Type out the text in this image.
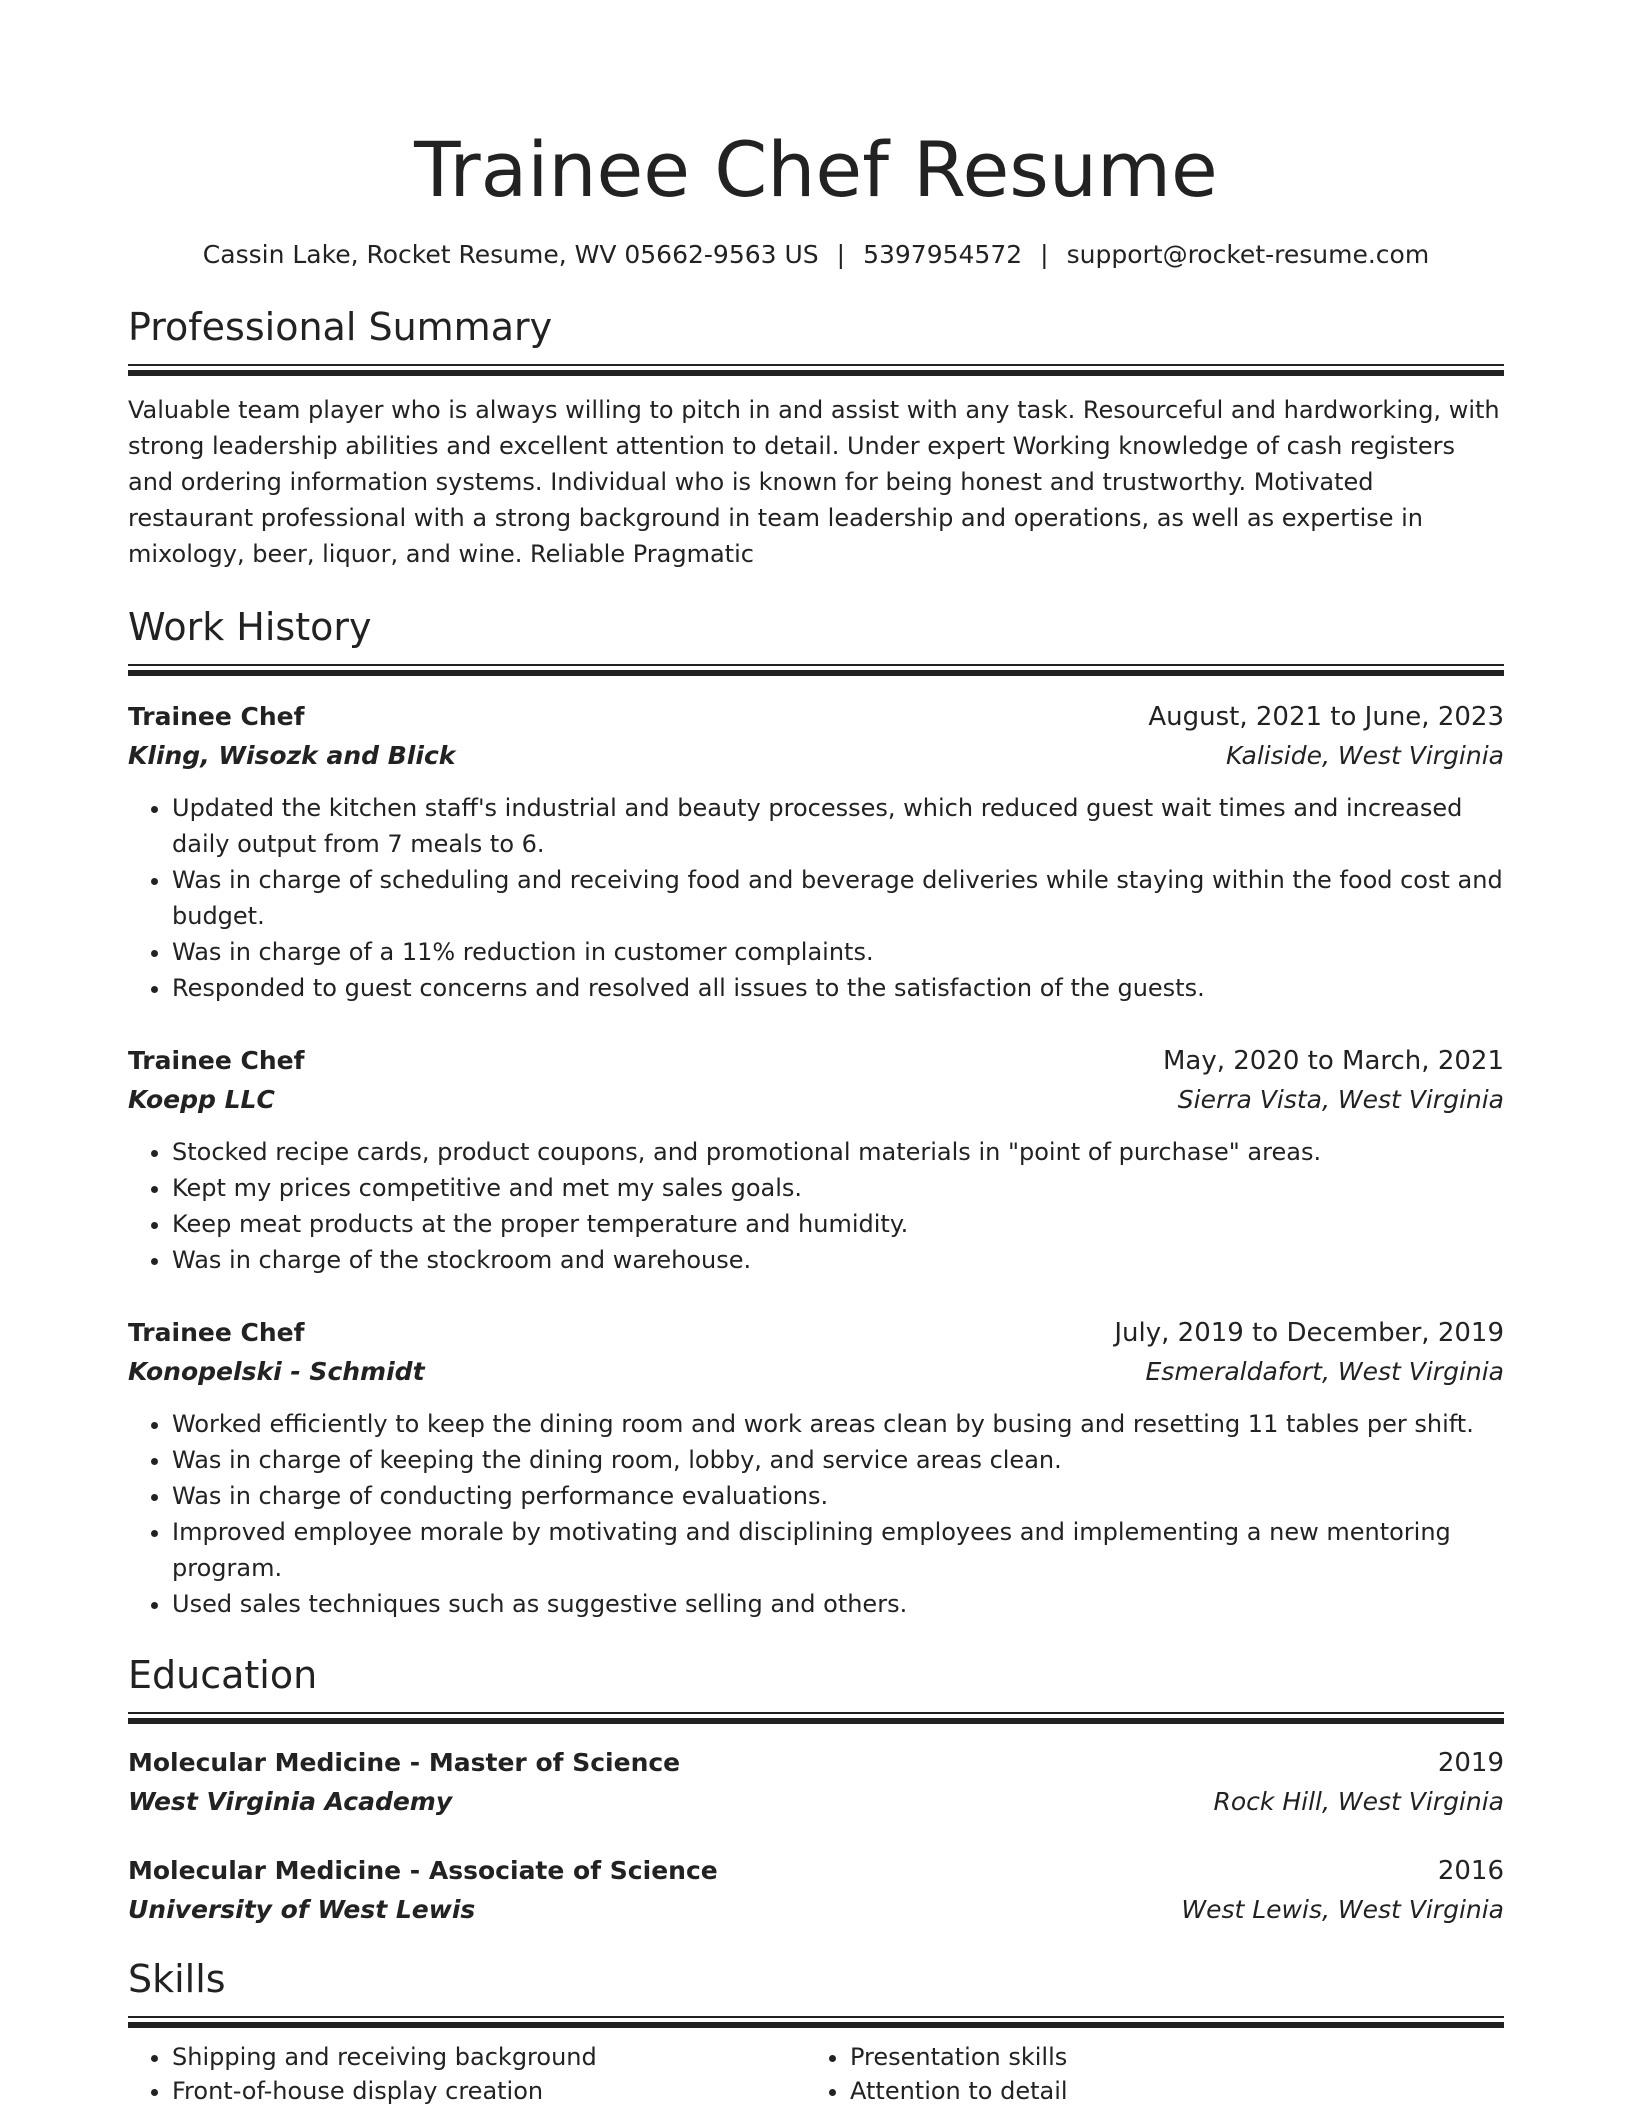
Trainee Chef Resume
Cassin Lake, Rocket Resume, WV 05662-9563 US | 5397954572 | support@rocket-resume.com
Professional Summary
Valuable team player who is always willing to pitch in and assist with any task. Resourceful and hardworking, with strong leadership abilities and excellent attention to detail. Under expert Working knowledge of cash registers and ordering information systems. Individual who is known for being honest and trustworthy. Motivated restaurant professional with a strong background in team leadership and operations, as well as expertise in mixology, beer, liquor, and wine. Reliable Pragmatic
Work History
Trainee Chef	August, 2021 to June, 2023
Kling, Wisozk and Blick	Kaliside, West Virginia
• Updated the kitchen staff's industrial and beauty processes, which reduced guest wait times and increased daily output from 7 meals to 6.
• Was in charge of scheduling and receiving food and beverage deliveries while staying within the food cost and budget.
• Was in charge of a 11% reduction in customer complaints.
• Responded to guest concerns and resolved all issues to the satisfaction of the guests.
Trainee Chef	May, 2020 to March, 2021
Koepp LLC	Sierra Vista, West Virginia
• Stocked recipe cards, product coupons, and promotional materials in "point of purchase" areas.
• Kept my prices competitive and met my sales goals.
• Keep meat products at the proper temperature and humidity.
• Was in charge of the stockroom and warehouse.
Trainee Chef	July, 2019 to December, 2019
Konopelski - Schmidt	Esmeraldafort, West Virginia
• Worked efficiently to keep the dining room and work areas clean by busing and resetting 11 tables per shift.
• Was in charge of keeping the dining room, lobby, and service areas clean.
• Was in charge of conducting performance evaluations.
• Improved employee morale by motivating and disciplining employees and implementing a new mentoring program.
• Used sales techniques such as suggestive selling and others.
Education
Molecular Medicine - Master of Science	2019
West Virginia Academy	Rock Hill, West Virginia
Molecular Medicine - Associate of Science	2016
University of West Lewis	West Lewis, West Virginia
Skills
• Shipping and receiving background
• Front-of-house display creation
• Presentation skills
• Attention to detail
